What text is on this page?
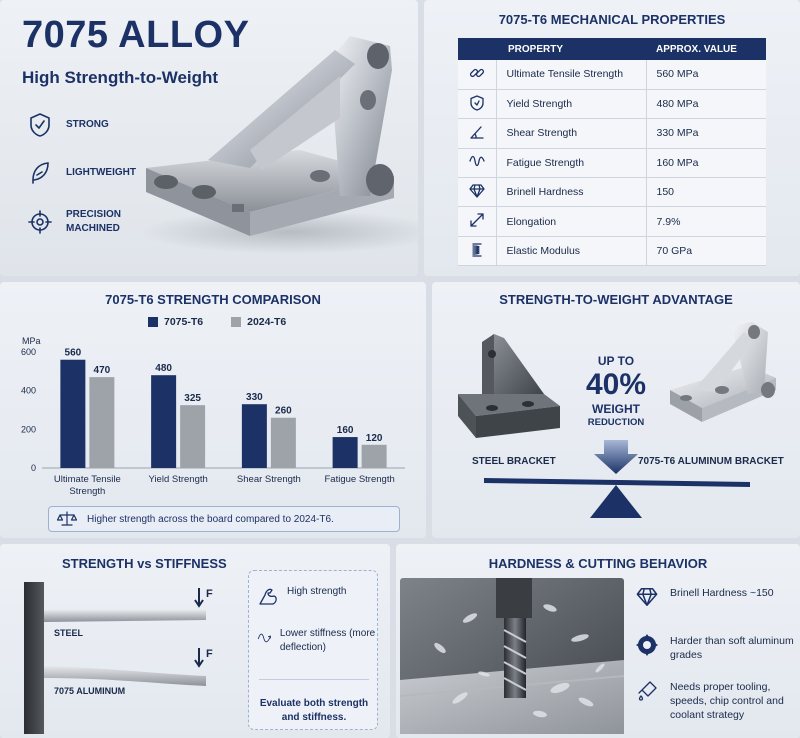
7075 ALLOY
High Strength-to-Weight
STRONG
LIGHTWEIGHT
PRECISION MACHINED
7075-T6 MECHANICAL PROPERTIES
	PROPERTY	APPROX. VALUE
	Ultimate Tensile Strength	560 MPa
	Yield Strength	480 MPa
	Shear Strength	330 MPa
	Fatigue Strength	160 MPa
	Brinell Hardness	150
	Elongation	7.9%
	Elastic Modulus	70 GPa
7075-T6 STRENGTH COMPARISON
7075-T6	2024-T6
MPa
0
200
400
600	560
470
Ultimate Tensile
Strength
480
325
Yield Strength
330
260
Shear Strength
160
120
Fatigue Strength
Higher strength across the board compared to 2024-T6.
STRENGTH-TO-WEIGHT ADVANTAGE
UP TO
40%
WEIGHT
REDUCTION
STEEL BRACKET	7075-T6 ALUMINUM BRACKET
STRENGTH vs STIFFNESS
F
F
STEEL
7075 ALUMINUM
High strength
Lower stiffness (more deflection)
Evaluate both strength and stiffness.
HARDNESS & CUTTING BEHAVIOR
Brinell Hardness ~150
Harder than soft aluminum grades
Needs proper tooling, speeds, chip control and coolant strategy
